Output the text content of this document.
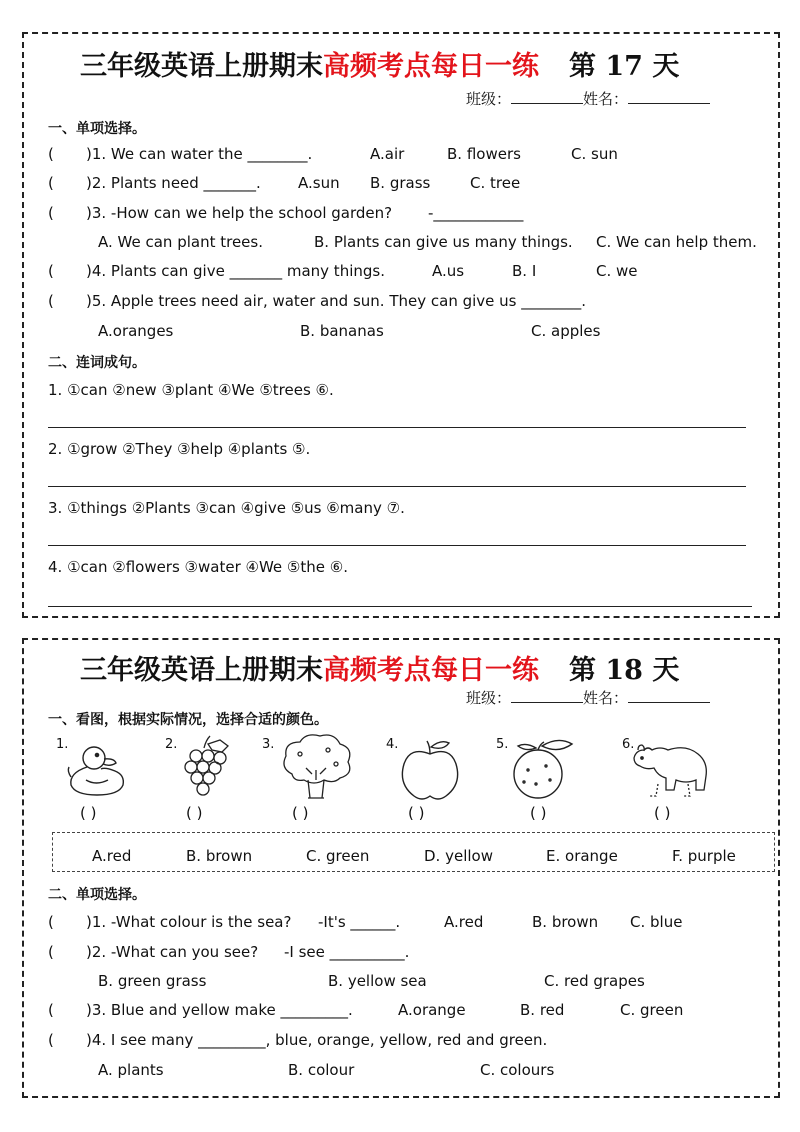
三年级英语上册期末高频考点每日一练 第 17 天
班级：	姓名：
一、单项选择。
( )1. We can water the ________.	A.air	B. flowers	C. sun
( )2. Plants need _______. A.sun B. grass	C. tree
( )3. -How can we help the school garden? -____________
A. We can plant trees.	B. Plants can give us many things. C. We can help them.
( )4. Plants can give _______ many things.	A.us	B. I	C. we
( )5. Apple trees need air, water and sun. They can give us ________.
A.oranges	B. bananas	C. apples
二、连词成句。
1. ①can ②new ③plant ④We ⑤trees ⑥.
2. ①grow ②They ③help ④plants ⑤.
3. ①things ②Plants ③can ④give ⑤us ⑥many ⑦.
4. ①can ②flowers ③water ④We ⑤the ⑥.
三年级英语上册期末高频考点每日一练 第 18 天
班级：	姓名：
一、看图，根据实际情况，选择合适的颜色。
1.
( )
2.
( )
3.
( )
4.
( )
5.
( )
6.
( )
A.red	B. brown	C. green	D. yellow	E. orange	F. purple
二、单项选择。
( )1. -What colour is the sea? -It's ______.	A.red	B. brown C. blue
( )2. -What can you see? -I see __________.
B. green grass	B. yellow sea	C. red grapes
( )3. Blue and yellow make _________.	A.orange	B. red	C. green
( )4. I see many _________, blue, orange, yellow, red and green.
A. plants	B. colour	C. colours
